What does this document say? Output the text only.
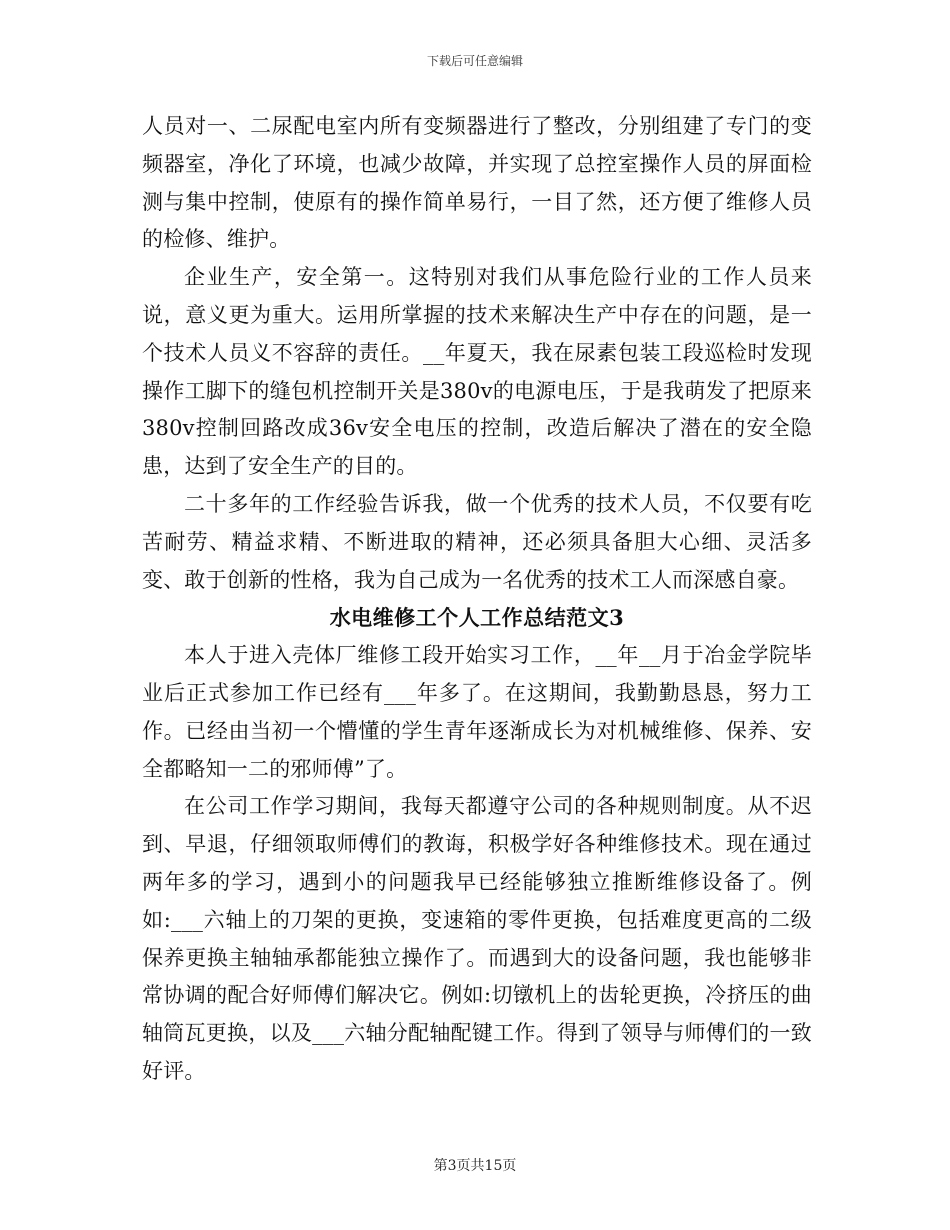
下载后可任意编辑

人员对一、二尿配电室内所有变频器进行了整改，分别组建了专门的变频器室，净化了环境，也减少故障，并实现了总控室操作人员的屏面检测与集中控制，使原有的操作简单易行，一目了然，还方便了维修人员的检修、维护。

企业生产，安全第一。这特别对我们从事危险行业的工作人员来说，意义更为重大。运用所掌握的技术来解决生产中存在的问题，是一个技术人员义不容辞的责任。__年夏天，我在尿素包装工段巡检时发现操作工脚下的缝包机控制开关是380v的电源电压，于是我萌发了把原来380v控制回路改成36v安全电压的控制，改造后解决了潜在的安全隐患，达到了安全生产的目的。

二十多年的工作经验告诉我，做一个优秀的技术人员，不仅要有吃苦耐劳、精益求精、不断进取的精神，还必须具备胆大心细、灵活多变、敢于创新的性格，我为自己成为一名优秀的技术工人而深感自豪。

水电维修工个人工作总结范文3

本人于进入壳体厂维修工段开始实习工作，__年__月于冶金学院毕业后正式参加工作已经有___年多了。在这期间，我勤勤恳恳，努力工作。已经由当初一个懵懂的学生青年逐渐成长为对机械维修、保养、安全都略知一二的邪师傅”了。

在公司工作学习期间，我每天都遵守公司的各种规则制度。从不迟到、早退，仔细领取师傅们的教诲，积极学好各种维修技术。现在通过两年多的学习，遇到小的问题我早已经能够独立推断维修设备了。例如:___六轴上的刀架的更换，变速箱的零件更换，包括难度更高的二级保养更换主轴轴承都能独立操作了。而遇到大的设备问题，我也能够非常协调的配合好师傅们解决它。例如:切镦机上的齿轮更换，冷挤压的曲轴筒瓦更换，以及___六轴分配轴配键工作。得到了领导与师傅们的一致好评。

第3页共15页
